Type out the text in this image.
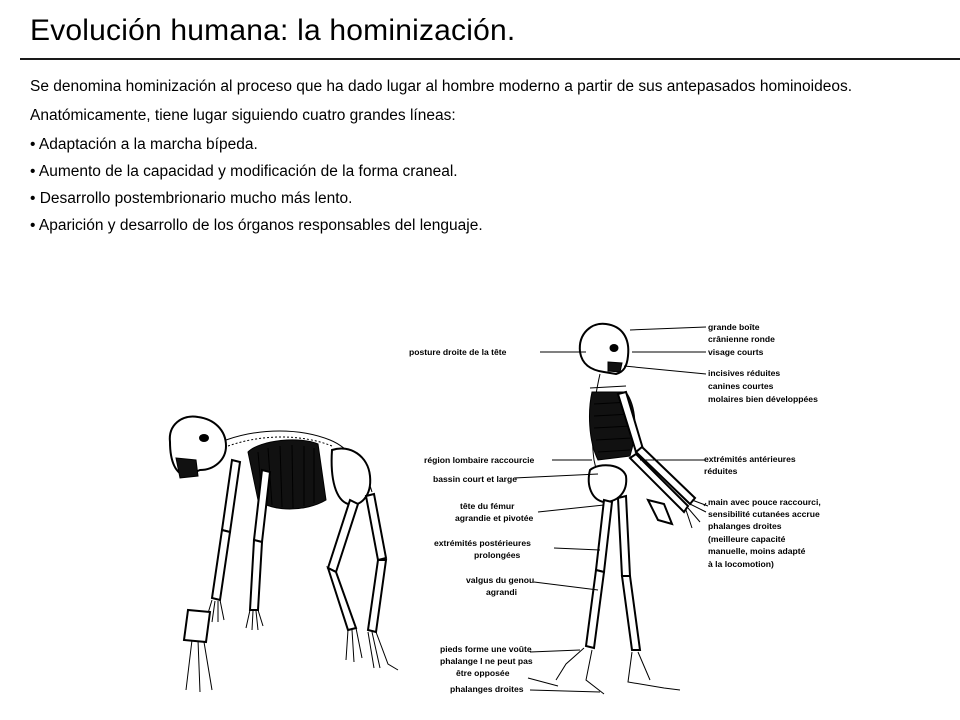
Evolución humana: la hominización.

Se denomina hominización al proceso que ha dado lugar al hombre moderno a partir de sus antepasados hominoideos.

Anatómicamente, tiene lugar siguiendo cuatro grandes líneas:

• Adaptación a la marcha bípeda.

• Aumento de la capacidad y modificación de la forma craneal.

• Desarrollo postembrionario mucho más lento.

• Aparición y desarrollo de los órganos responsables del lenguaje.

posture droite de la tête
région lombaire raccourcie
bassin court et large
tête du fémur
agrandie et pivotée
extrémités postérieures
prolongées
valgus du genou
agrandi
pieds forme une voûte
phalange I ne peut pas
être opposée
phalanges droites
grande boîte
crânienne ronde
visage courts
incisives réduites
canines courtes
molaires bien développées
extrémités antérieures
réduites
main avec pouce raccourci,
sensibilité cutanées accrue
phalanges droites
(meilleure capacité
manuelle, moins adapté
à la locomotion)
